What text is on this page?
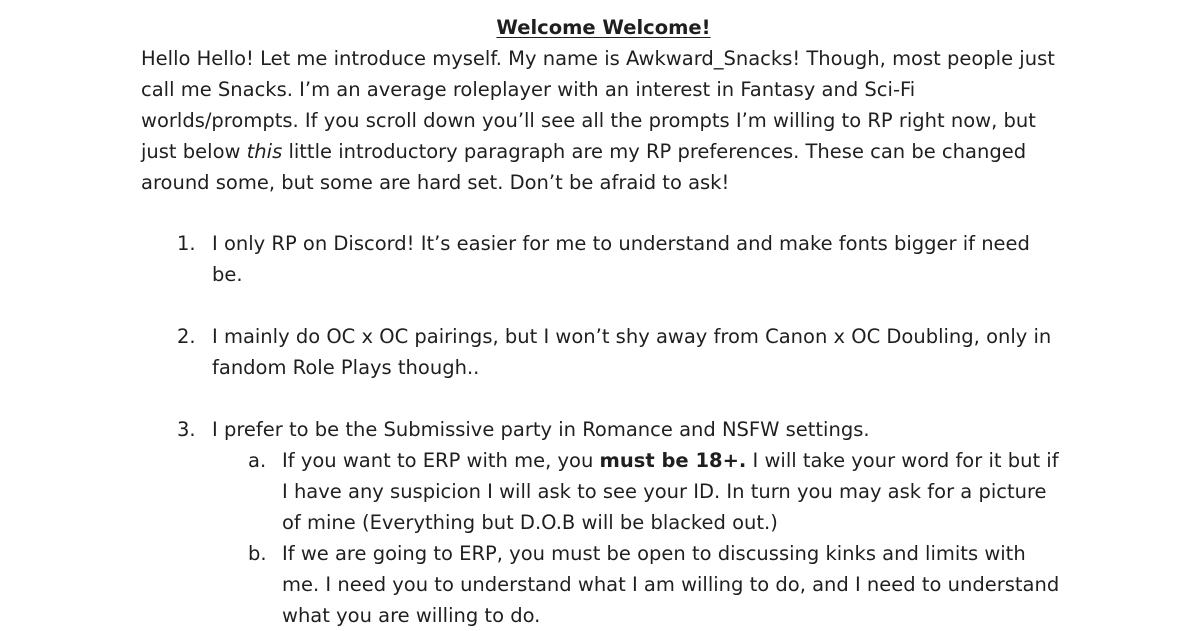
Welcome Welcome!

Hello Hello! Let me introduce myself. My name is Awkward_Snacks! Though, most people just call me Snacks. I’m an average roleplayer with an interest in Fantasy and Sci-Fi worlds/prompts. If you scroll down you’ll see all the prompts I’m willing to RP right now, but just below this little introductory paragraph are my RP preferences. These can be changed around some, but some are hard set. Don’t be afraid to ask!

1. I only RP on Discord! It’s easier for me to understand and make fonts bigger if need be.
2. I mainly do OC x OC pairings, but I won’t shy away from Canon x OC Doubling, only in fandom Role Plays though..
3. I prefer to be the Submissive party in Romance and NSFW settings.
a. If you want to ERP with me, you must be 18+. I will take your word for it but if I have any suspicion I will ask to see your ID. In turn you may ask for a picture of mine (Everything but D.O.B will be blacked out.)
b. If we are going to ERP, you must be open to discussing kinks and limits with me. I need you to understand what I am willing to do, and I need to understand what you are willing to do.
